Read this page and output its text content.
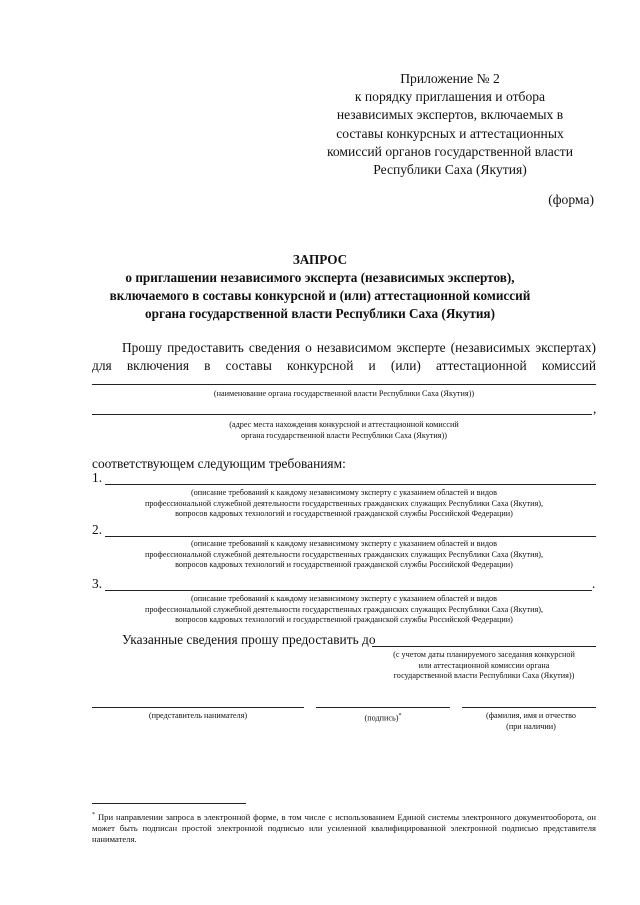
Приложение № 2
к порядку приглашения и отбора
независимых экспертов, включаемых в
составы конкурсных и аттестационных
комиссий органов государственной власти
Республики Саха (Якутия)
(форма)
ЗАПРОС
о приглашении независимого эксперта (независимых экспертов),
включаемого в составы конкурсной и (или) аттестационной комиссий
органа государственной власти Республики Саха (Якутия)
Прошу предоставить сведения о независимом эксперте (независимых экспертах)
для включения в составы конкурсной и (или) аттестационной комиссий
(наименование органа государственной власти Республики Саха (Якутия))
,
(адрес места нахождения конкурсной и аттестационной комиссий
органа государственной власти Республики Саха (Якутия))
соответствующем следующим требованиям:
1.
(описание требований к каждому независимому эксперту с указанием областей и видов
профессиональной служебной деятельности государственных гражданских служащих Республики Саха (Якутия),
вопросов кадровых технологий и государственной гражданской службы Российской Федерации)
2.
(описание требований к каждому независимому эксперту с указанием областей и видов
профессиональной служебной деятельности государственных гражданских служащих Республики Саха (Якутия),
вопросов кадровых технологий и государственной гражданской службы Российской Федерации)
3.	.
(описание требований к каждому независимому эксперту с указанием областей и видов
профессиональной служебной деятельности государственных гражданских служащих Республики Саха (Якутия),
вопросов кадровых технологий и государственной гражданской службы Российской Федерации)
Указанные сведения прошу предоставить до
(с учетом даты планируемого заседания конкурсной
или аттестационной комиссии органа
государственной власти Республики Саха (Якутия))
(представитель нанимателя)	(подпись)*	(фамилия, имя и отчество
(при наличии)
* При направлении запроса в электронной форме, в том числе с использованием Единой системы электронного документооборота, он может быть подписан простой электронной подписью или усиленной квалифицированной электронной подписью представителя нанимателя.
